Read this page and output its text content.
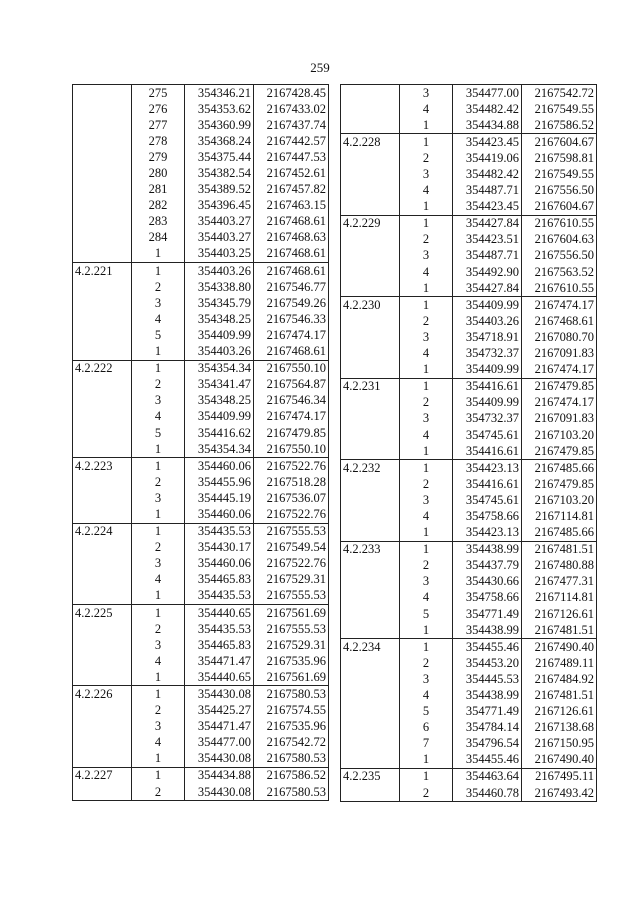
259
	275	354346.21	2167428.45
	276	354353.62	2167433.02
	277	354360.99	2167437.74
	278	354368.24	2167442.57
	279	354375.44	2167447.53
	280	354382.54	2167452.61
	281	354389.52	2167457.82
	282	354396.45	2167463.15
	283	354403.27	2167468.61
	284	354403.27	2167468.63
	1	354403.25	2167468.61
4.2.221	1	354403.26	2167468.61
	2	354338.80	2167546.77
	3	354345.79	2167549.26
	4	354348.25	2167546.33
	5	354409.99	2167474.17
	1	354403.26	2167468.61
4.2.222	1	354354.34	2167550.10
	2	354341.47	2167564.87
	3	354348.25	2167546.34
	4	354409.99	2167474.17
	5	354416.62	2167479.85
	1	354354.34	2167550.10
4.2.223	1	354460.06	2167522.76
	2	354455.96	2167518.28
	3	354445.19	2167536.07
	1	354460.06	2167522.76
4.2.224	1	354435.53	2167555.53
	2	354430.17	2167549.54
	3	354460.06	2167522.76
	4	354465.83	2167529.31
	1	354435.53	2167555.53
4.2.225	1	354440.65	2167561.69
	2	354435.53	2167555.53
	3	354465.83	2167529.31
	4	354471.47	2167535.96
	1	354440.65	2167561.69
4.2.226	1	354430.08	2167580.53
	2	354425.27	2167574.55
	3	354471.47	2167535.96
	4	354477.00	2167542.72
	1	354430.08	2167580.53
4.2.227	1	354434.88	2167586.52
	2	354430.08	2167580.53
	3	354477.00	2167542.72
	4	354482.42	2167549.55
	1	354434.88	2167586.52
4.2.228	1	354423.45	2167604.67
	2	354419.06	2167598.81
	3	354482.42	2167549.55
	4	354487.71	2167556.50
	1	354423.45	2167604.67
4.2.229	1	354427.84	2167610.55
	2	354423.51	2167604.63
	3	354487.71	2167556.50
	4	354492.90	2167563.52
	1	354427.84	2167610.55
4.2.230	1	354409.99	2167474.17
	2	354403.26	2167468.61
	3	354718.91	2167080.70
	4	354732.37	2167091.83
	1	354409.99	2167474.17
4.2.231	1	354416.61	2167479.85
	2	354409.99	2167474.17
	3	354732.37	2167091.83
	4	354745.61	2167103.20
	1	354416.61	2167479.85
4.2.232	1	354423.13	2167485.66
	2	354416.61	2167479.85
	3	354745.61	2167103.20
	4	354758.66	2167114.81
	1	354423.13	2167485.66
4.2.233	1	354438.99	2167481.51
	2	354437.79	2167480.88
	3	354430.66	2167477.31
	4	354758.66	2167114.81
	5	354771.49	2167126.61
	1	354438.99	2167481.51
4.2.234	1	354455.46	2167490.40
	2	354453.20	2167489.11
	3	354445.53	2167484.92
	4	354438.99	2167481.51
	5	354771.49	2167126.61
	6	354784.14	2167138.68
	7	354796.54	2167150.95
	1	354455.46	2167490.40
4.2.235	1	354463.64	2167495.11
	2	354460.78	2167493.42
